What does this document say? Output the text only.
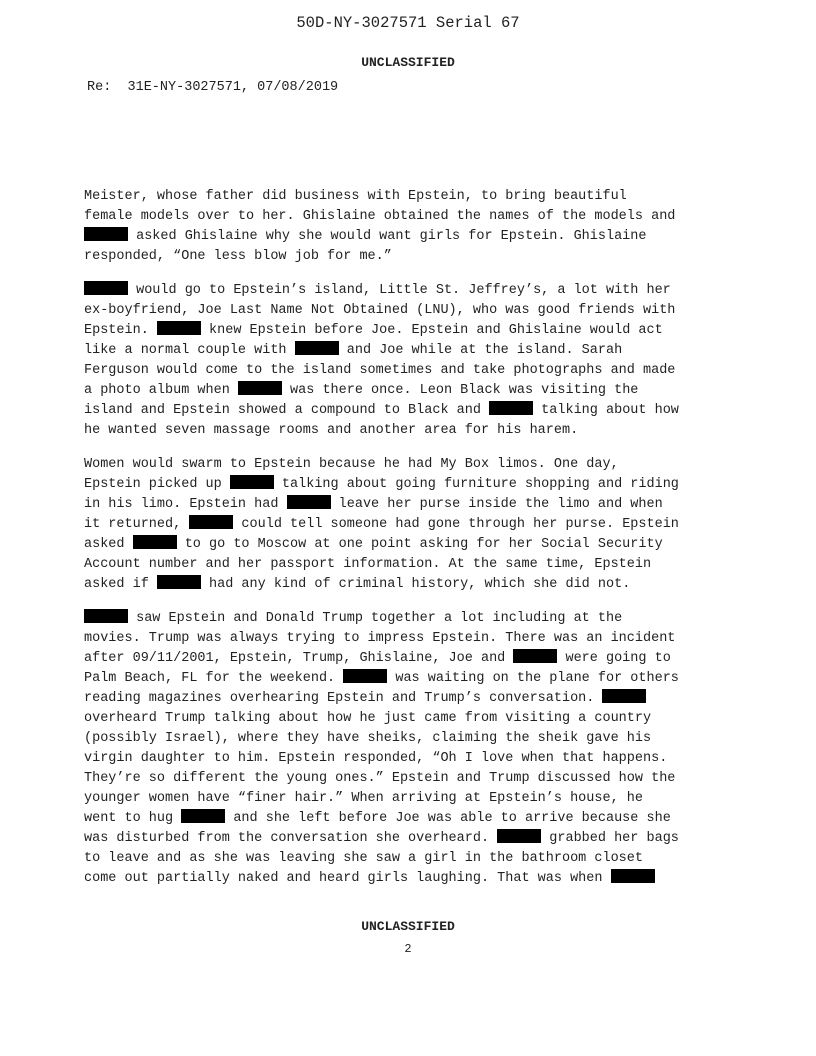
50D-NY-3027571 Serial 67
UNCLASSIFIED
Re:  31E-NY-3027571, 07/08/2019
Meister, whose father did business with Epstein, to bring beautiful
female models over to her. Ghislaine obtained the names of the models and
asked Ghislaine why she would want girls for Epstein. Ghislaine
responded, “One less blow job for me.”
would go to Epstein’s island, Little St. Jeffrey’s, a lot with her
ex-boyfriend, Joe Last Name Not Obtained (LNU), who was good friends with
Epstein.	knew Epstein before Joe. Epstein and Ghislaine would act
like a normal couple with	and Joe while at the island. Sarah
Ferguson would come to the island sometimes and take photographs and made
a photo album when	was there once. Leon Black was visiting the
island and Epstein showed a compound to Black and	talking about how
he wanted seven massage rooms and another area for his harem.
Women would swarm to Epstein because he had My Box limos. One day,
Epstein picked up	talking about going furniture shopping and riding
in his limo. Epstein had	leave her purse inside the limo and when
it returned,	could tell someone had gone through her purse. Epstein
asked	to go to Moscow at one point asking for her Social Security
Account number and her passport information. At the same time, Epstein
asked if	had any kind of criminal history, which she did not.
saw Epstein and Donald Trump together a lot including at the
movies. Trump was always trying to impress Epstein. There was an incident
after 09/11/2001, Epstein, Trump, Ghislaine, Joe and	were going to
Palm Beach, FL for the weekend.	was waiting on the plane for others
reading magazines overhearing Epstein and Trump’s conversation.
overheard Trump talking about how he just came from visiting a country
(possibly Israel), where they have sheiks, claiming the sheik gave his
virgin daughter to him. Epstein responded, “Oh I love when that happens.
They’re so different the young ones.” Epstein and Trump discussed how the
younger women have “finer hair.” When arriving at Epstein’s house, he
went to hug	and she left before Joe was able to arrive because she
was disturbed from the conversation she overheard.	grabbed her bags
to leave and as she was leaving she saw a girl in the bathroom closet
come out partially naked and heard girls laughing. That was when
UNCLASSIFIED
2
